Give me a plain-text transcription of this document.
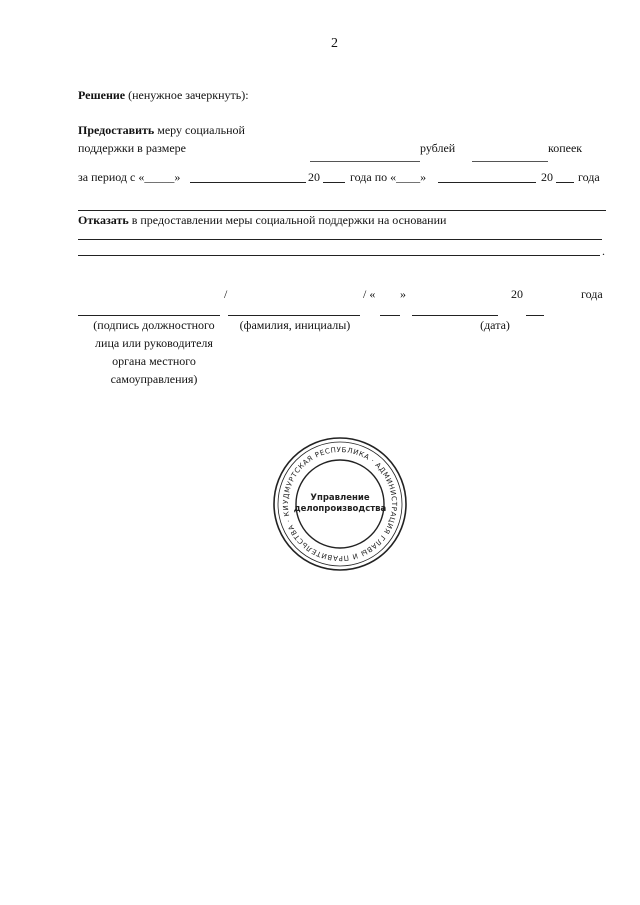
2
Решение (ненужное зачеркнуть):
Предоставить меру социальной
поддержки в размере	рублей	копеек
за период с «_____»	20	года по «____»	20 года
Отказать в предоставлении меры социальной поддержки на основании
.
/	/ « »	20	года
(подпись должностного
лица или руководителя
органа местного
самоуправления)
(фамилия, инициалы)	(дата)
УДМУРТСКАЯ РЕСПУБЛИКА · АДМИНИСТРАЦИЯ ГЛАВЫ И ПРАВИТЕЛЬСТВА · КИ
Управление
делопроизводства
